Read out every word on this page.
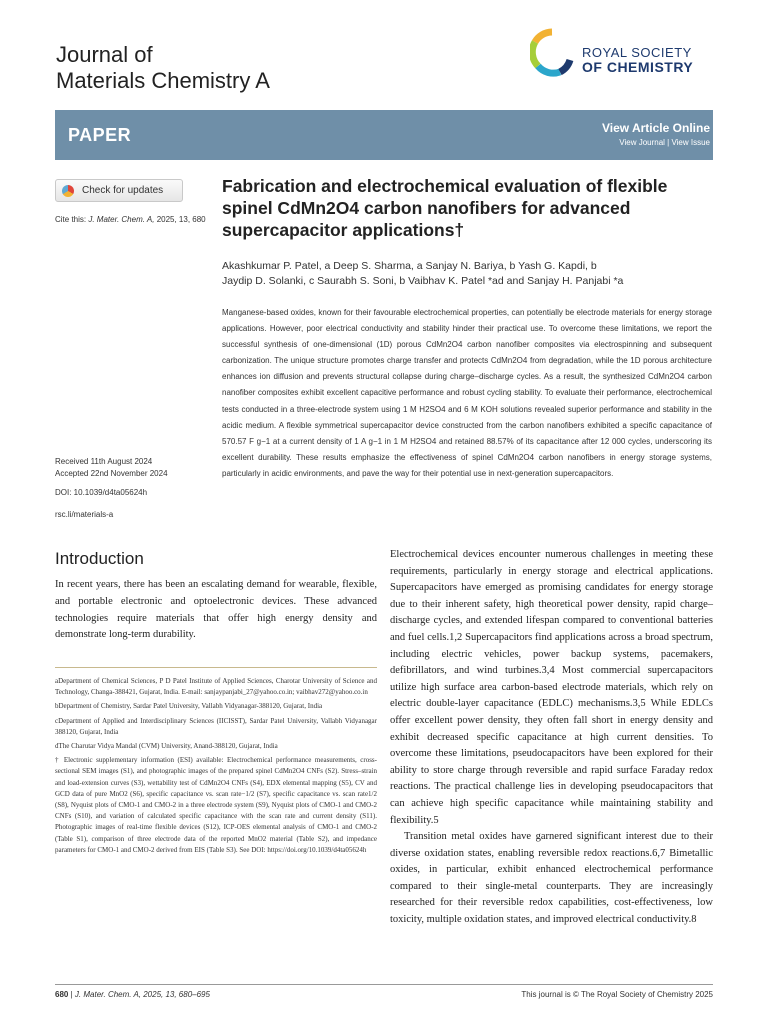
Journal of
Materials Chemistry A
ROYAL SOCIETY
OF CHEMISTRY
PAPER	View Article Online
View Journal | View Issue
Check for updates
Cite this: J. Mater. Chem. A, 2025, 13, 680
Received 11th August 2024
Accepted 22nd November 2024
DOI: 10.1039/d4ta05624h
rsc.li/materials-a
Fabrication and electrochemical evaluation of flexible spinel CdMn2O4 carbon nanofibers for advanced supercapacitor applications†
Akashkumar P. Patel, a Deep S. Sharma, a Sanjay N. Bariya, b Yash G. Kapdi, b
Jaydip D. Solanki, c Saurabh S. Soni, b Vaibhav K. Patel *ad and Sanjay H. Panjabi *a
Manganese-based oxides, known for their favourable electrochemical properties, can potentially be electrode materials for energy storage applications. However, poor electrical conductivity and stability hinder their practical use. To overcome these limitations, we report the successful synthesis of one-dimensional (1D) porous CdMn2O4 carbon nanofiber composites via electrospinning and subsequent carbonization. The unique structure promotes charge transfer and protects CdMn2O4 from degradation, while the 1D porous architecture enhances ion diffusion and prevents structural collapse during charge–discharge cycles. As a result, the synthesized CdMn2O4 carbon nanofiber composites exhibit excellent capacitive performance and robust cycling stability. To evaluate their performance, electrochemical tests conducted in a three-electrode system using 1 M H2SO4 and 6 M KOH solutions revealed superior performance and stability in the acidic medium. A flexible symmetrical supercapacitor device constructed from the carbon nanofibers exhibited a specific capacitance of 570.57 F g−1 at a current density of 1 A g−1 in 1 M H2SO4 and retained 88.57% of its capacitance after 12 000 cycles, underscoring its excellent durability. These results emphasize the effectiveness of spinel CdMn2O4 carbon nanofibers in energy storage systems, particularly in acidic environments, and pave the way for their potential use in next-generation supercapacitors.
Introduction
In recent years, there has been an escalating demand for wearable, flexible, and portable electronic and optoelectronic devices. These advanced technologies require materials that offer high energy density and demonstrate long-term durability.

aDepartment of Chemical Sciences, P D Patel Institute of Applied Sciences, Charotar University of Science and Technology, Changa-388421, Gujarat, India. E-mail: sanjaypanjabi_27@yahoo.co.in; vaibhav272@yahoo.co.in

bDepartment of Chemistry, Sardar Patel University, Vallabh Vidyanagar-388120, Gujarat, India

cDepartment of Applied and Interdisciplinary Sciences (IICISST), Sardar Patel University, Vallabh Vidyanagar 388120, Gujarat, India

dThe Charutar Vidya Mandal (CVM) University, Anand-388120, Gujarat, India

† Electronic supplementary information (ESI) available: Electrochemical performance measurements, cross-sectional SEM images (S1), and photographic images of the prepared spinel CdMn2O4 CNFs (S2). Stress–strain and load-extension curves (S3), wettability test of CdMn2O4 CNFs (S4), EDX elemental mapping (S5), CV and GCD data of pure MnO2 (S6), specific capacitance vs. scan rate−1/2 (S7), specific capacitance vs. scan rate1/2 (S8), Nyquist plots of CMO-1 and CMO-2 in a three electrode system (S9), Nyquist plots of CMO-1 and CMO-2 CNFs (S10), and variation of calculated specific capacitance with the scan rate and current density (S11). Photographic images of real-time flexible devices (S12), ICP-OES elemental analysis of CMO-1 and CMO-2 (Table S1), comparison of three electrode data of the reported MnO2 material (Table S2), and impedance parameters for CMO-1 and CMO-2 derived from EIS (Table S3). See DOI: https://doi.org/10.1039/d4ta05624h

Electrochemical devices encounter numerous challenges in meeting these requirements, particularly in energy storage and electrical applications. Supercapacitors have emerged as promising candidates for energy storage due to their inherent safety, high theoretical power density, rapid charge–discharge cycles, and extended lifespan compared to conventional batteries and fuel cells.1,2 Supercapacitors find applications across a broad spectrum, including electric vehicles, power backup systems, pacemakers, defibrillators, and wind turbines.3,4 Most commercial supercapacitors utilize high surface area carbon-based electrode materials, which rely on electric double-layer capacitance (EDLC) mechanisms.3,5 While EDLCs offer excellent power density, they often fall short in energy density and exhibit decreased specific capacitance at high current densities. To overcome these limitations, pseudocapacitors have been explored for their ability to store charge through reversible and rapid surface Faraday redox reactions. The practical challenge lies in developing pseudocapacitors that can achieve high specific capacitance while maintaining stability and flexibility.5

Transition metal oxides have garnered significant interest due to their diverse oxidation states, enabling reversible redox reactions.6,7 Bimetallic oxides, in particular, exhibit enhanced electrochemical performance compared to their single-metal counterparts. They are increasingly researched for their reversible redox capabilities, cost-effectiveness, low toxicity, multiple oxidation states, and improved electrical conductivity.8

680 | J. Mater. Chem. A, 2025, 13, 680–695	This journal is © The Royal Society of Chemistry 2025
